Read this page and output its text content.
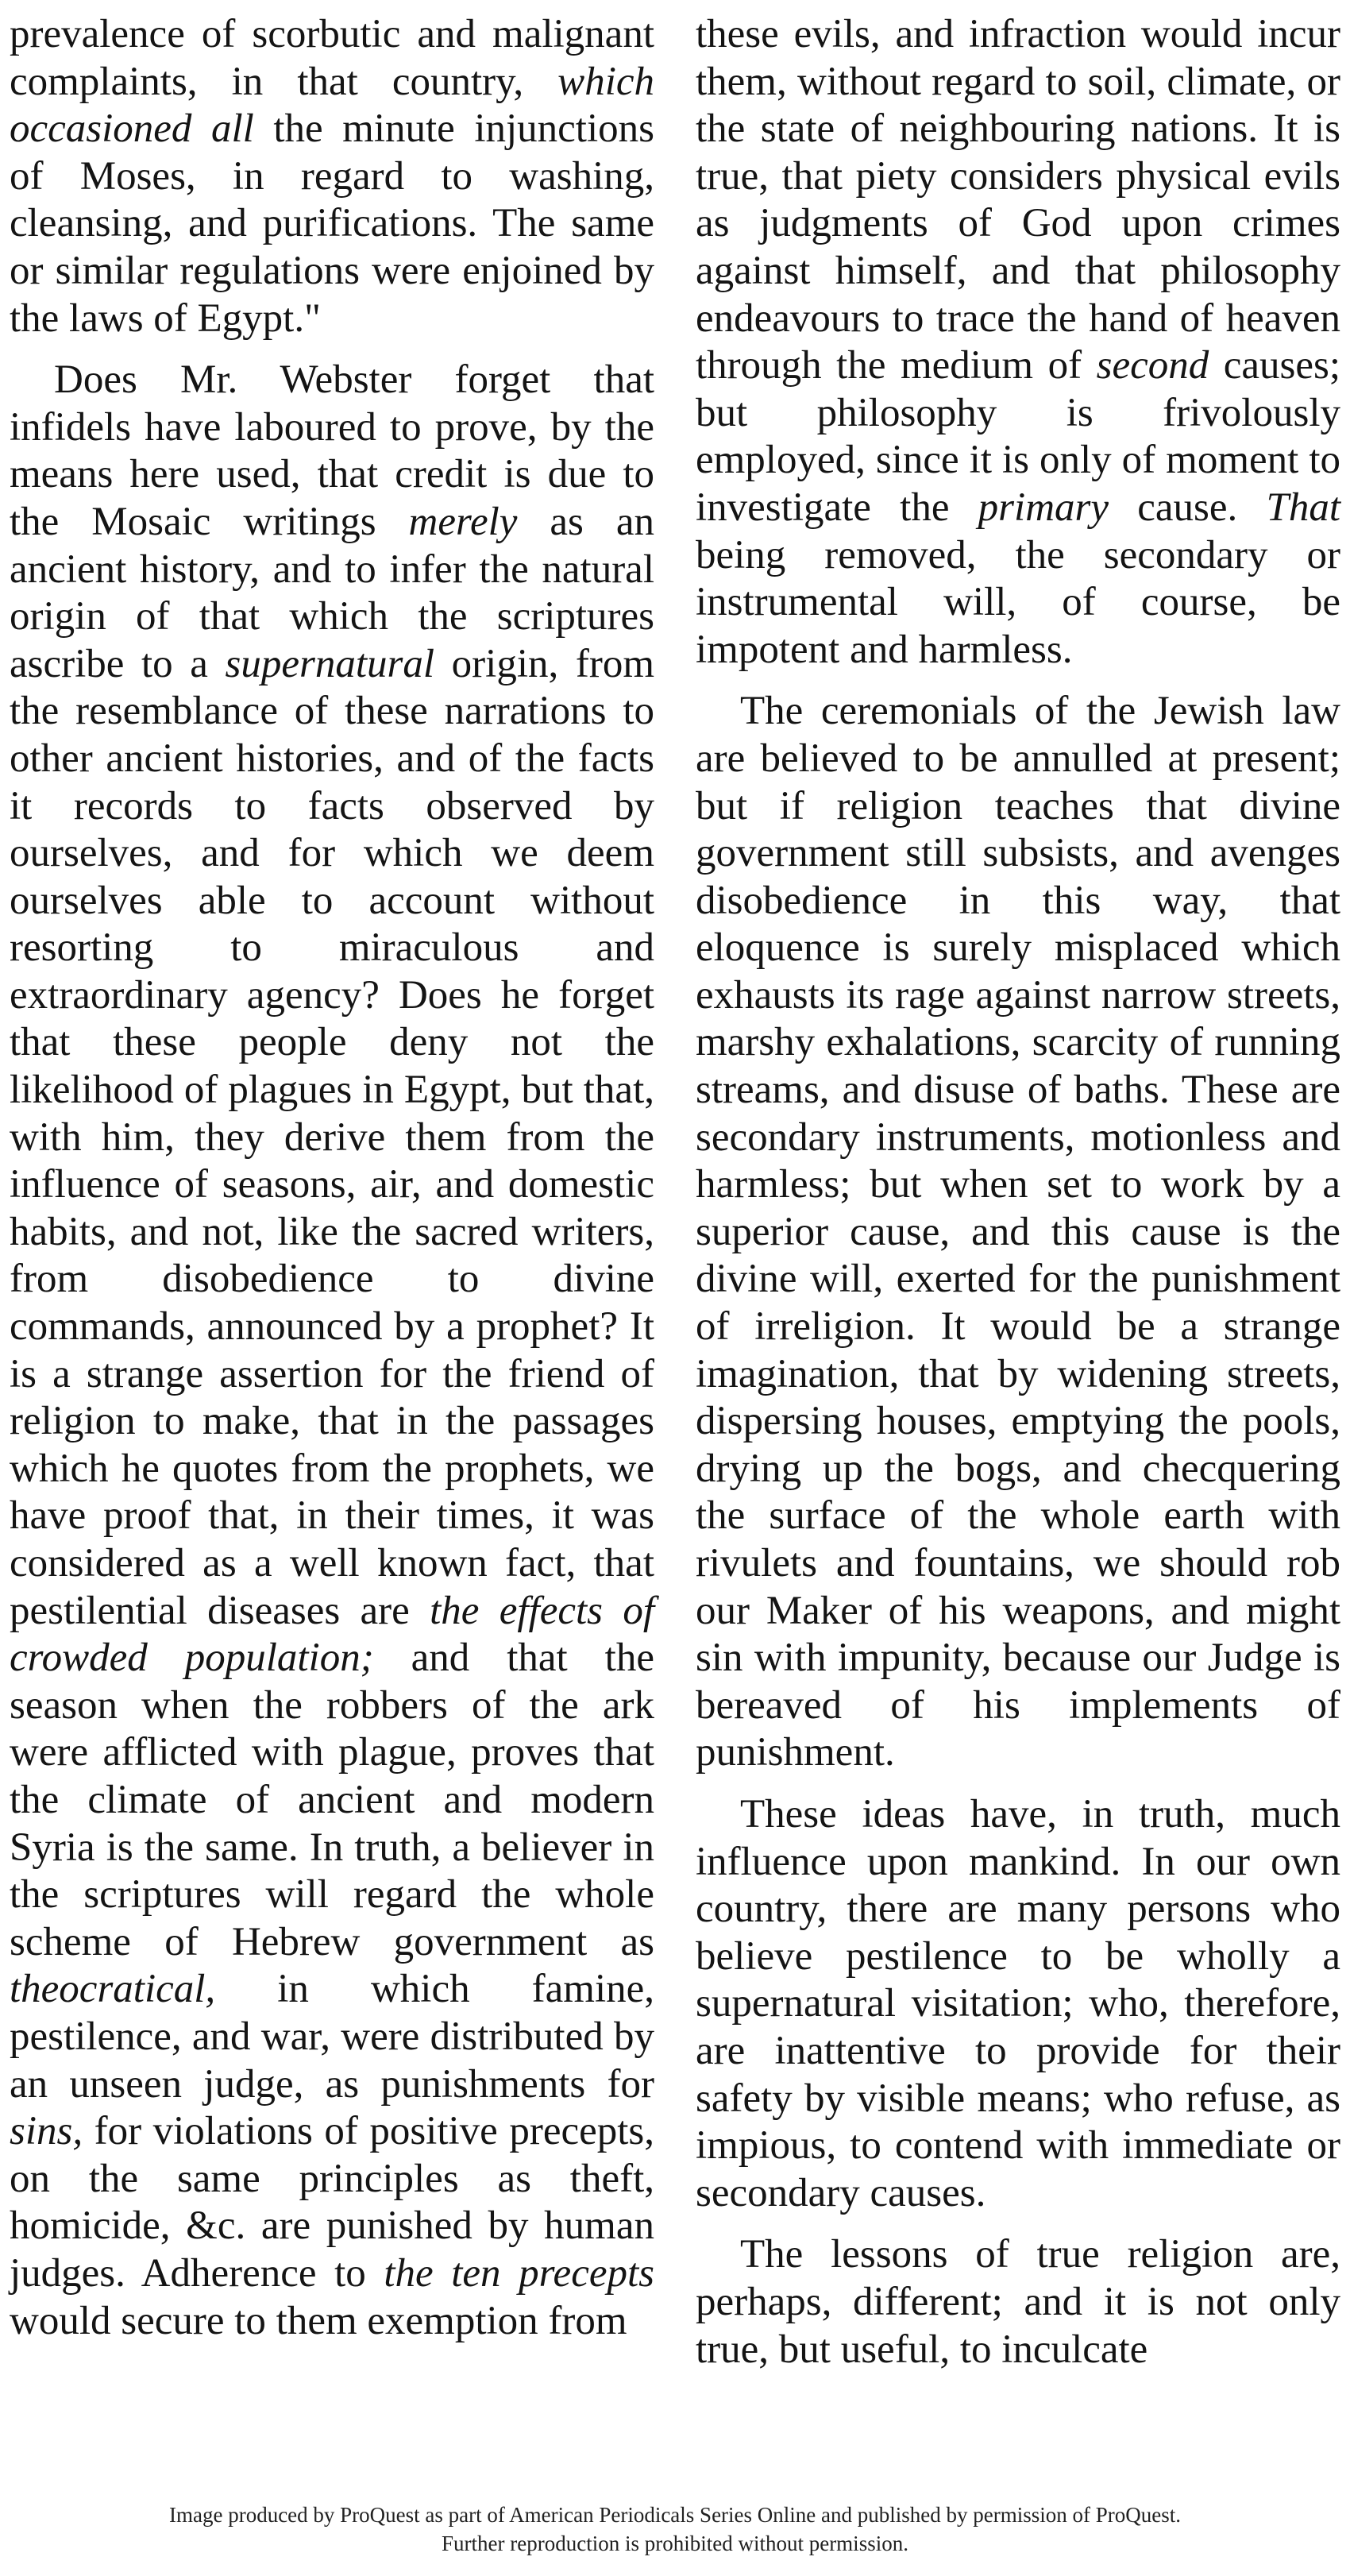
prevalence of scorbutic and malignant complaints, in that country, which occasioned all the minute injunctions of Moses, in regard to washing, cleansing, and purifications. The same or similar regulations were enjoined by the laws of Egypt."

Does Mr. Webster forget that infidels have laboured to prove, by the means here used, that credit is due to the Mosaic writings merely as an ancient history, and to infer the natural origin of that which the scriptures ascribe to a supernatural origin, from the resemblance of these narrations to other ancient histories, and of the facts it records to facts observed by ourselves, and for which we deem ourselves able to account without resorting to miraculous and extraordinary agency? Does he forget that these people deny not the likelihood of plagues in Egypt, but that, with him, they derive them from the influence of seasons, air, and domestic habits, and not, like the sacred writers, from disobedience to divine commands, announced by a prophet? It is a strange assertion for the friend of religion to make, that in the passages which he quotes from the prophets, we have proof that, in their times, it was considered as a well known fact, that pestilential diseases are the effects of crowded population; and that the season when the robbers of the ark were afflicted with plague, proves that the climate of ancient and modern Syria is the same. In truth, a believer in the scriptures will regard the whole scheme of Hebrew government as theocratical, in which famine, pestilence, and war, were distributed by an unseen judge, as punishments for sins, for violations of positive precepts, on the same principles as theft, homicide, &c. are punished by human judges. Adherence to the ten precepts would secure to them exemption from

these evils, and infraction would incur them, without regard to soil, climate, or the state of neighbouring nations. It is true, that piety considers physical evils as judgments of God upon crimes against himself, and that philosophy endeavours to trace the hand of heaven through the medium of second causes; but philosophy is frivolously employed, since it is only of moment to investigate the primary cause. That being removed, the secondary or instrumental will, of course, be impotent and harmless.

The ceremonials of the Jewish law are believed to be annulled at present; but if religion teaches that divine government still subsists, and avenges disobedience in this way, that eloquence is surely misplaced which exhausts its rage against narrow streets, marshy exhalations, scarcity of running streams, and disuse of baths. These are secondary instruments, motionless and harmless; but when set to work by a superior cause, and this cause is the divine will, exerted for the punishment of irreligion. It would be a strange imagination, that by widening streets, dispersing houses, emptying the pools, drying up the bogs, and checquering the surface of the whole earth with rivulets and fountains, we should rob our Maker of his weapons, and might sin with impunity, because our Judge is bereaved of his implements of punishment.

These ideas have, in truth, much influence upon mankind. In our own country, there are many persons who believe pestilence to be wholly a supernatural visitation; who, therefore, are inattentive to provide for their safety by visible means; who refuse, as impious, to contend with immediate or secondary causes.

The lessons of true religion are, perhaps, different; and it is not only true, but useful, to inculcate

Image produced by ProQuest as part of American Periodicals Series Online and published by permission of ProQuest.
Further reproduction is prohibited without permission.
